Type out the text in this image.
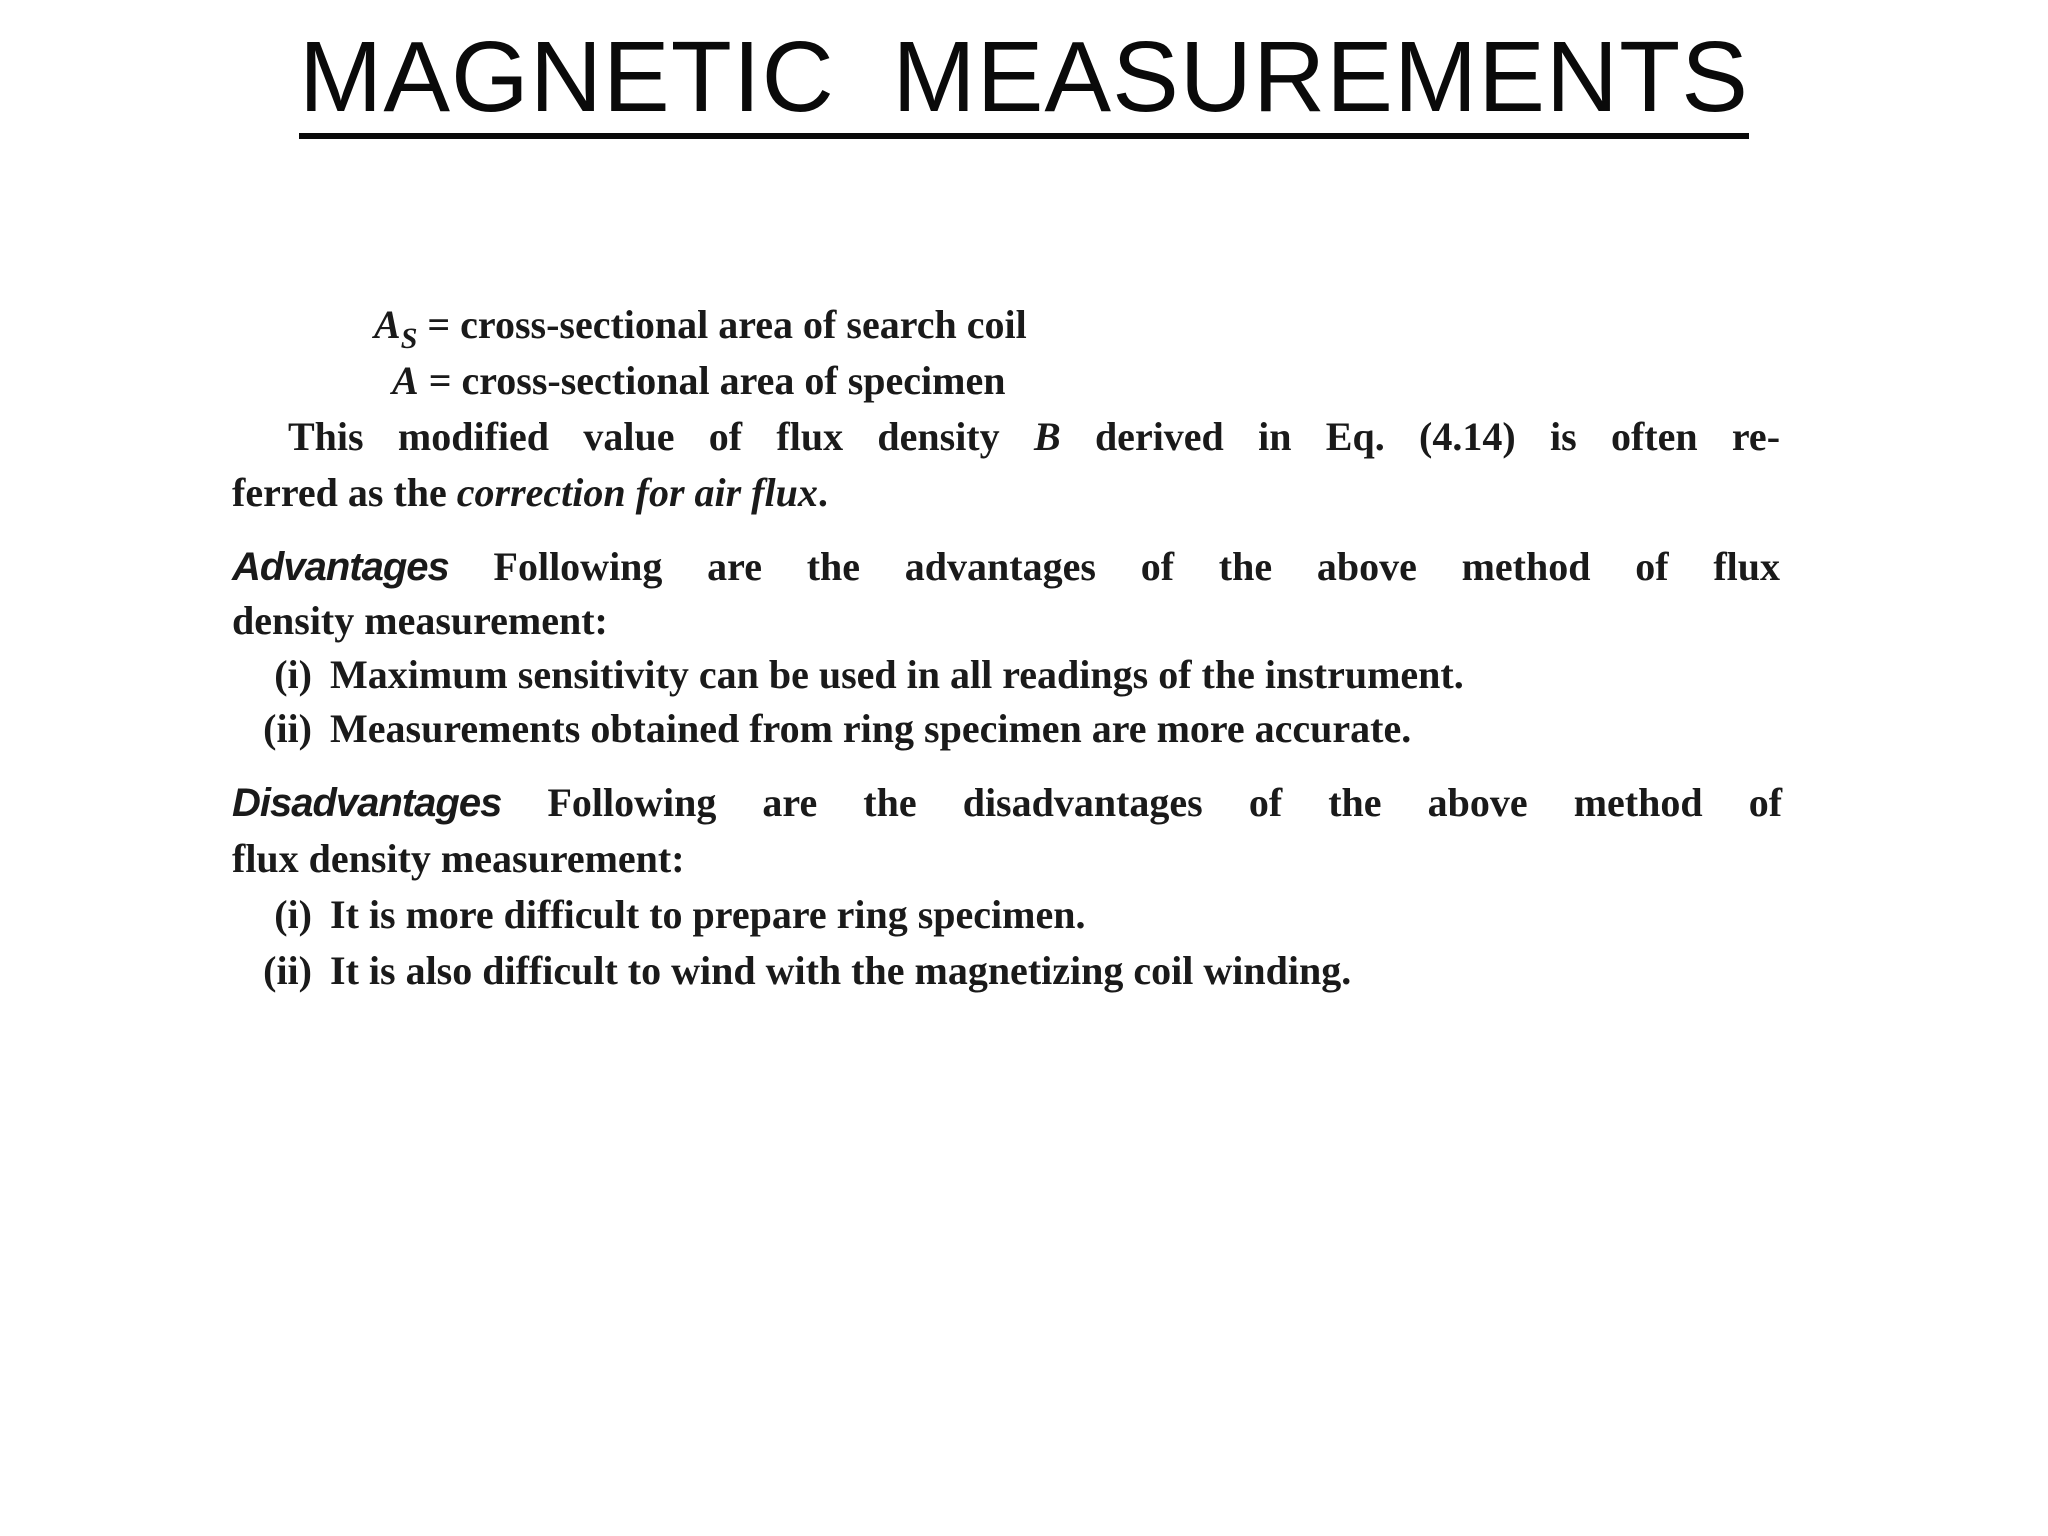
MAGNETIC  MEASUREMENTS
$A_S$ = cross-sectional area of search coil
A = cross-sectional area of specimen
This modified value of flux density B derived in Eq. (4.14) is often re-
ferred as the correction for air flux.
Advantages Following are the advantages of the above method of flux
density measurement:
(i) Maximum sensitivity can be used in all readings of the instrument.
(ii) Measurements obtained from ring specimen are more accurate.
Disadvantages Following are the disadvantages of the above method of
flux density measurement:
(i) It is more difficult to prepare ring specimen.
(ii) It is also difficult to wind with the magnetizing coil winding.
